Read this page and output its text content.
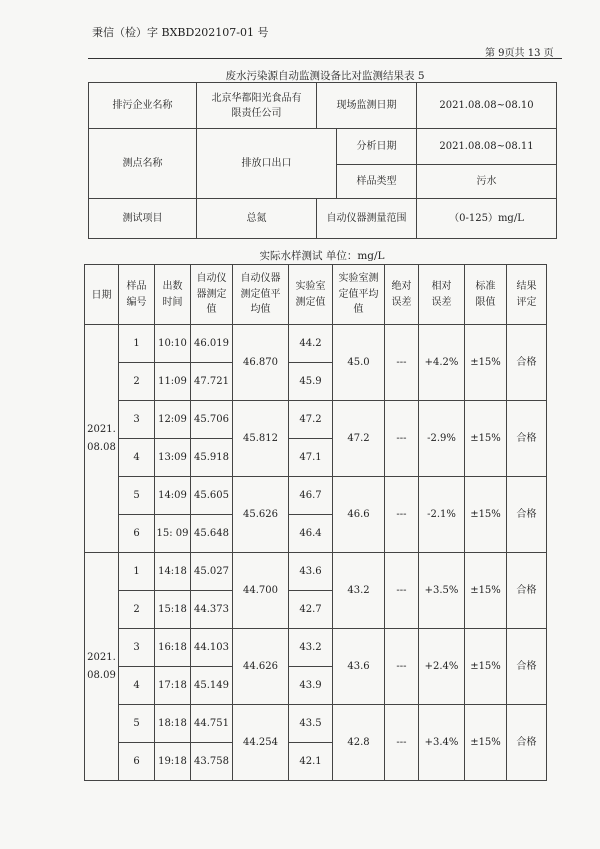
秉信（检）字 BXBD202107-01 号
第 9页共 13 页
废水污染源自动监测设备比对监测结果表 5
排污企业名称	北京华都阳光食品有限责任公司	现场监测日期		2021.08.08~08.10
测点名称	排放口出口		分析日期	2021.08.08~08.11
			样品类型	污水
测试项目	总氮	自动仪器测量范围		（0-125）mg/L
实际水样测试 单位：mg/L
日期	样品编号	出数时间	自动仪器测定值	自动仪器测定值平均值	实验室测定值	实验室测定值平均值	绝对误差	相对误差	标准限值	结果评定
2021.08.08	1	10:10	46.019	46.870	44.2	45.0	---	+4.2%	±15%	合格
	2	11:09	47.721		45.9					
	3	12:09	45.706	45.812	47.2	47.2	---	-2.9%	±15%	合格
	4	13:09	45.918		47.1					
	5	14:09	45.605	45.626	46.7	46.6	---	-2.1%	±15%	合格
	6	15: 09	45.648		46.4					
2021.08.09	1	14:18	45.027	44.700	43.6	43.2	---	+3.5%	±15%	合格
	2	15:18	44.373		42.7					
	3	16:18	44.103	44.626	43.2	43.6	---	+2.4%	±15%	合格
	4	17:18	45.149		43.9					
	5	18:18	44.751	44.254	43.5	42.8	---	+3.4%	±15%	合格
	6	19:18	43.758		42.1					
